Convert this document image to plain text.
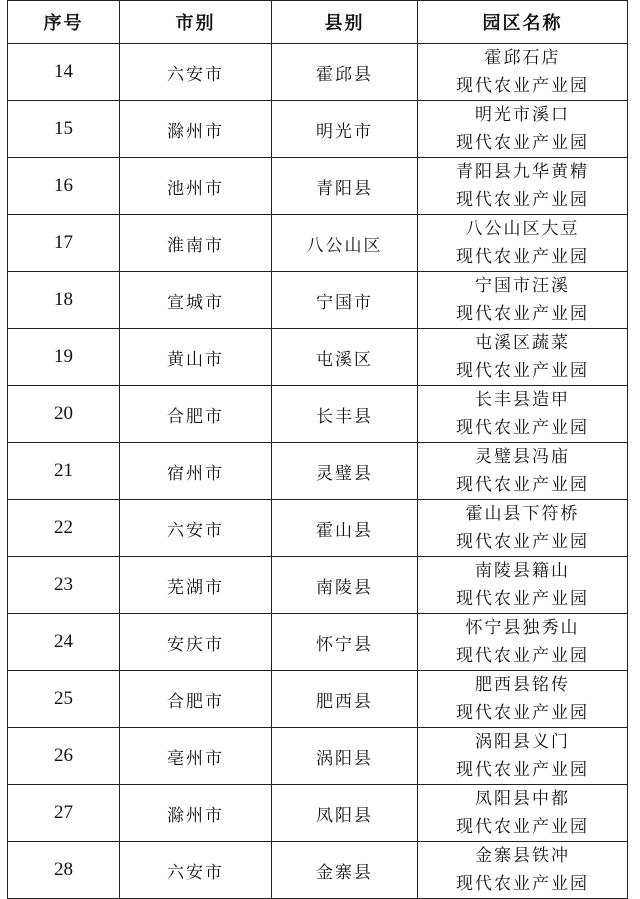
序号	市别	县别	园区名称
14	六安市	霍邱县	霍邱石店
现代农业产业园

15	滁州市	明光市	明光市溪口
现代农业产业园

16	池州市	青阳县	青阳县九华黄精
现代农业产业园

17	淮南市	八公山区	八公山区大豆
现代农业产业园

18	宣城市	宁国市	宁国市汪溪
现代农业产业园

19	黄山市	屯溪区	屯溪区蔬菜
现代农业产业园

20	合肥市	长丰县	长丰县造甲
现代农业产业园

21	宿州市	灵璧县	灵璧县冯庙
现代农业产业园

22	六安市	霍山县	霍山县下符桥
现代农业产业园

23	芜湖市	南陵县	南陵县籍山
现代农业产业园

24	安庆市	怀宁县	怀宁县独秀山
现代农业产业园

25	合肥市	肥西县	肥西县铭传
现代农业产业园

26	亳州市	涡阳县	涡阳县义门
现代农业产业园

27	滁州市	凤阳县	凤阳县中都
现代农业产业园

28	六安市	金寨县	金寨县铁冲
现代农业产业园
